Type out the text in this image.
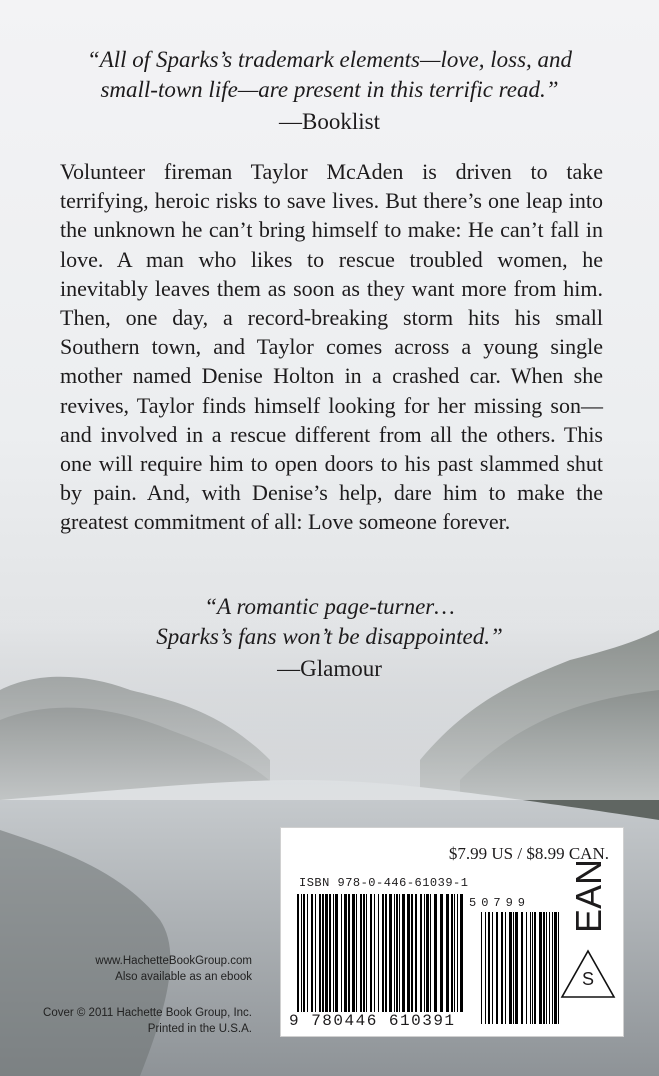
“All of Sparks’s trademark elements—love, loss, and
small-town life—are present in this terrific read.”
—Booklist
Volunteer fireman Taylor McAden is driven to take terrifying, heroic risks to save lives. But there’s one leap into the unknown he can’t bring himself to make: He can’t fall in love. A man who likes to rescue troubled women, he inevitably leaves them as soon as they want more from him. Then, one day, a record-breaking storm hits his small Southern town, and Taylor comes across a young single mother named Denise Holton in a crashed car. When she revives, Taylor finds himself looking for her missing son—and involved in a rescue different from all the others. This one will require him to open doors to his past slammed shut by pain. And, with Denise’s help, dare him to make the greatest commitment of all: Love someone forever.
“A romantic page-turner…
Sparks’s fans won’t be disappointed.”
—Glamour
www.HachetteBookGroup.com
Also available as an ebook
Cover © 2011 Hachette Book Group, Inc.
Printed in the U.S.A.
$7.99 US / $8.99 CAN.
ISBN 978-0-446-61039-1
50799
9 780446 610391
EAN
S
